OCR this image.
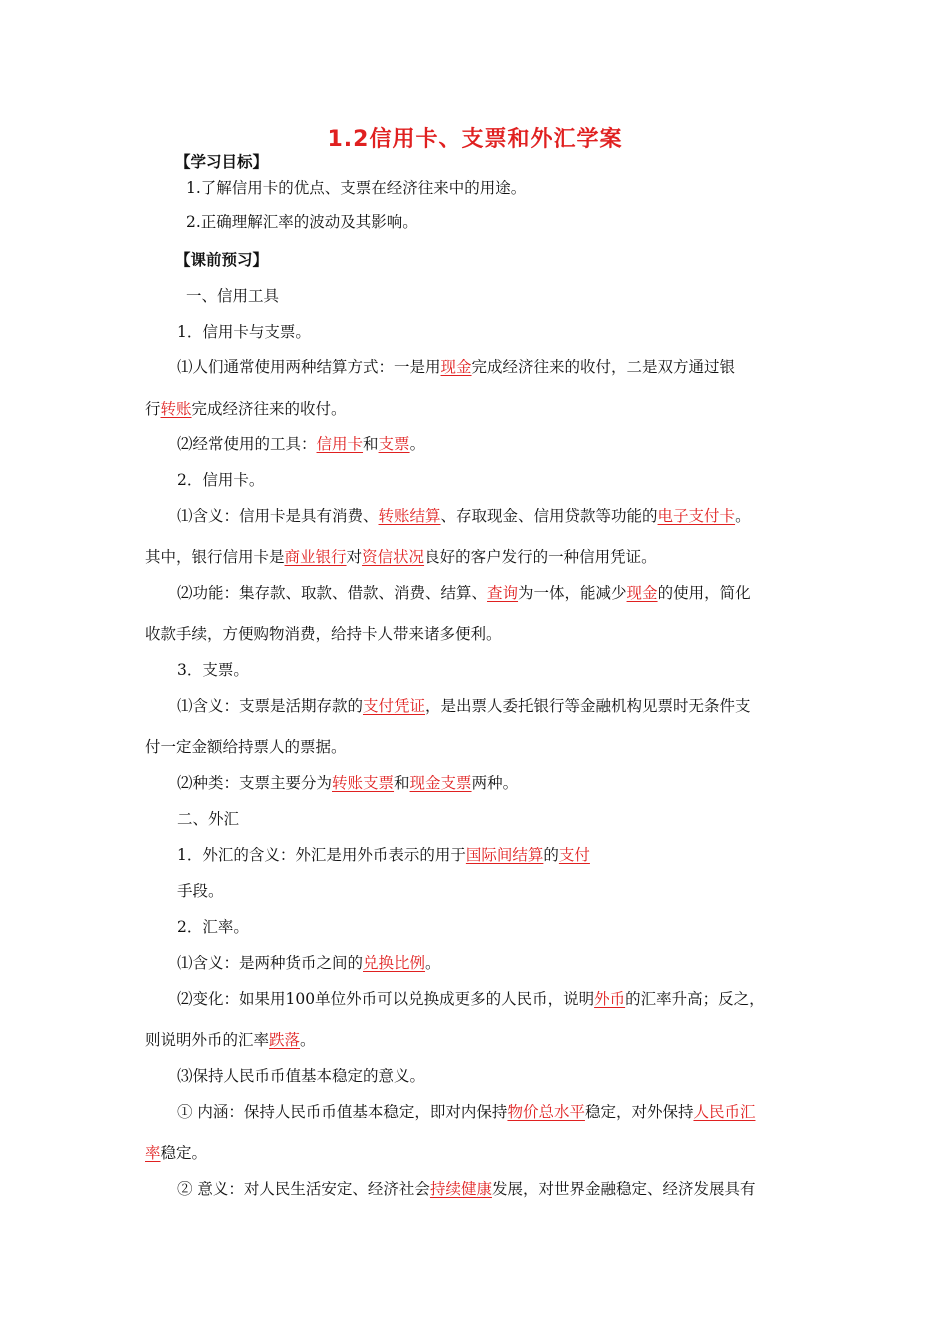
1.2信用卡、支票和外汇学案
【学习目标】
1.了解信用卡的优点、支票在经济往来中的用途。
2.正确理解汇率的波动及其影响。
【课前预习】
一、信用工具
1．信用卡与支票。
⑴人们通常使用两种结算方式：一是用现金完成经济往来的收付，二是双方通过银
行转账完成经济往来的收付。
⑵经常使用的工具：信用卡和支票。
2．信用卡。
⑴含义：信用卡是具有消费、转账结算、存取现金、信用贷款等功能的电子支付卡。
其中，银行信用卡是商业银行对资信状况良好的客户发行的一种信用凭证。
⑵功能：集存款、取款、借款、消费、结算、查询为一体，能减少现金的使用，简化
收款手续，方便购物消费，给持卡人带来诸多便利。
3．支票。
⑴含义：支票是活期存款的支付凭证，是出票人委托银行等金融机构见票时无条件支
付一定金额给持票人的票据。
⑵种类：支票主要分为转账支票和现金支票两种。
二、外汇
1．外汇的含义：外汇是用外币表示的用于国际间结算的支付
手段。
2．汇率。
⑴含义：是两种货币之间的兑换比例。
⑵变化：如果用100单位外币可以兑换成更多的人民币，说明外币的汇率升高；反之，
则说明外币的汇率跌落。
⑶保持人民币币值基本稳定的意义。
① 内涵：保持人民币币值基本稳定，即对内保持物价总水平稳定，对外保持人民币汇
率稳定。
② 意义：对人民生活安定、经济社会持续健康发展，对世界金融稳定、经济发展具有
